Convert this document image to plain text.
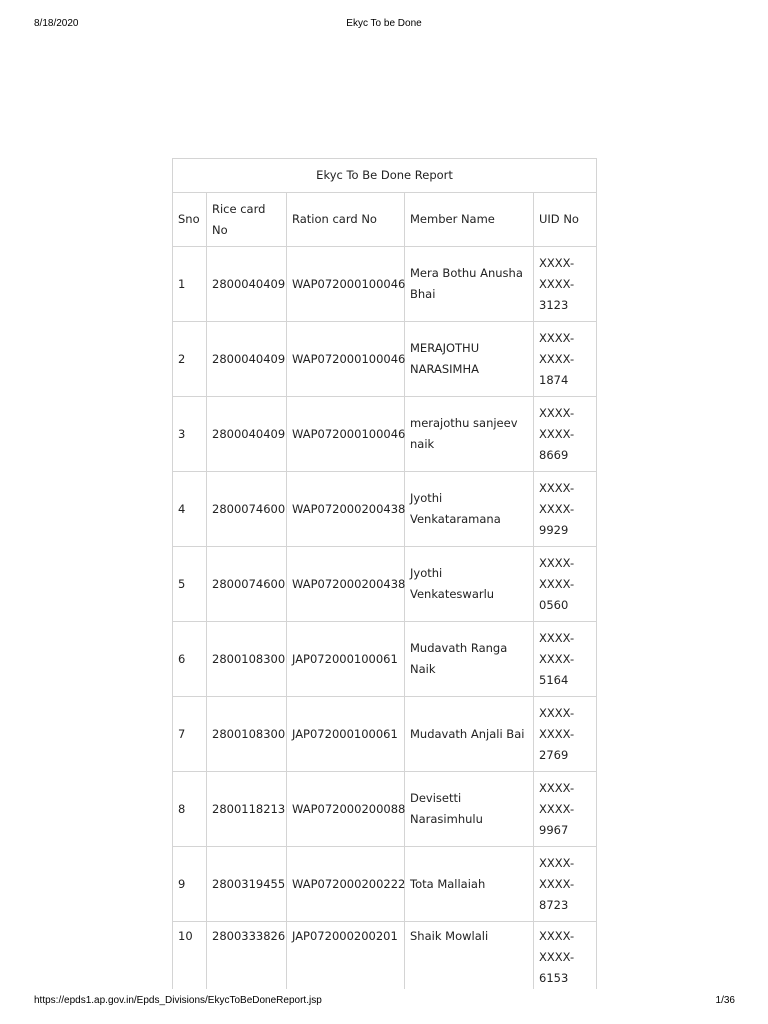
8/18/2020	Ekyc To be Done
Ekyc To Be Done Report				
Sno	Rice card No	Ration card No	Member Name	UID No
1	2800040409	WAP072000100046	Mera Bothu Anusha Bhai	XXXX-
XXXX-
3123

2	2800040409	WAP072000100046	MERAJOTHU NARASIMHA	XXXX-
XXXX-
1874

3	2800040409	WAP072000100046	merajothu sanjeev naik	XXXX-
XXXX-
8669

4	2800074600	WAP072000200438	Jyothi Venkataramana	XXXX-
XXXX-
9929

5	2800074600	WAP072000200438	Jyothi Venkateswarlu	XXXX-
XXXX-
0560

6	2800108300	JAP072000100061	Mudavath Ranga Naik	XXXX-
XXXX-
5164

7	2800108300	JAP072000100061	Mudavath Anjali Bai	XXXX-
XXXX-
2769

8	2800118213	WAP072000200088	Devisetti Narasimhulu	XXXX-
XXXX-
9967

9	2800319455	WAP072000200222	Tota Mallaiah	XXXX-
XXXX-
8723

10	2800333826	JAP072000200201	Shaik Mowlali	XXXX-
XXXX-
6153
https://epds1.ap.gov.in/Epds_Divisions/EkycToBeDoneReport.jsp	1/36
